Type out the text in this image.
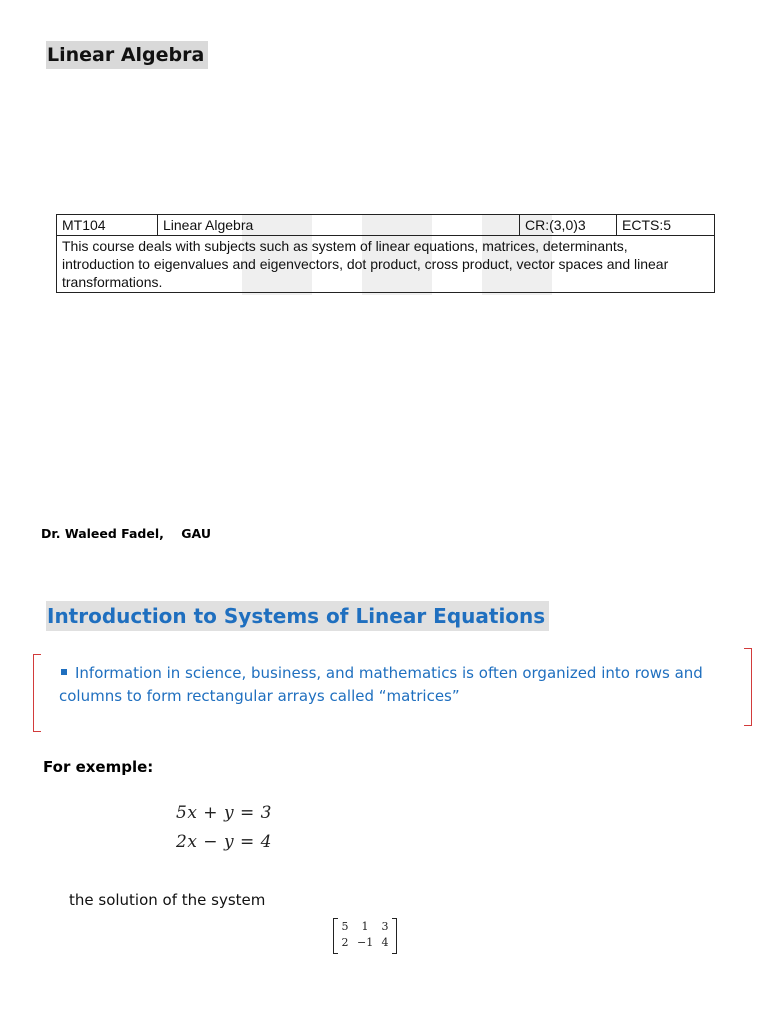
Linear Algebra
MT104	Linear Algebra	CR:(3,0)3	ECTS:5

This course deals with subjects such as system of linear equations, matrices, determinants,
introduction to eigenvalues and eigenvectors, dot product, cross product, vector spaces and linear
transformations.
Dr. Waleed Fadel,    GAU
Introduction to Systems of Linear Equations
Information in science, business, and mathematics is often organized into rows and
columns to form rectangular arrays called “matrices”
For exemple:
5x + y = 3
2x − y = 4
the solution of the system
5	1	3
2 −1 4
